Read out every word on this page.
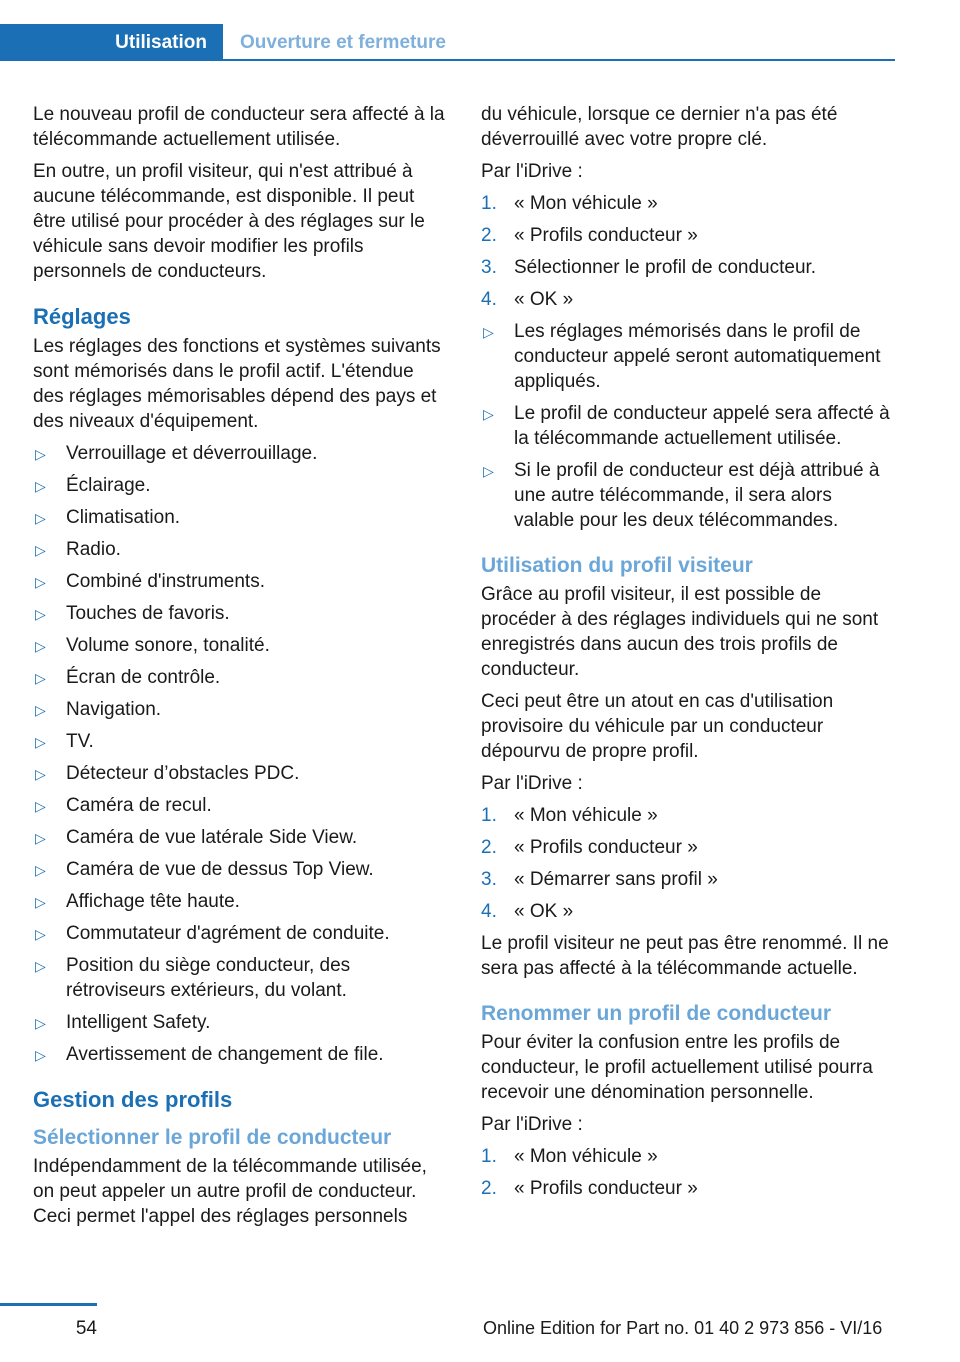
Utilisation	Ouverture et fermeture

Le nouveau profil de conducteur sera affecté à la télécommande actuellement utilisée.

En outre, un profil visiteur, qui n'est attribué à aucune télécommande, est disponible. Il peut être utilisé pour procéder à des réglages sur le véhicule sans devoir modifier les profils personnels de conducteurs.

Réglages

Les réglages des fonctions et systèmes suivants sont mémorisés dans le profil actif. L'étendue des réglages mémorisables dépend des pays et des niveaux d'équipement.

▷ Verrouillage et déverrouillage.
▷ Éclairage.
▷ Climatisation.
▷ Radio.
▷ Combiné d'instruments.
▷ Touches de favoris.
▷ Volume sonore, tonalité.
▷ Écran de contrôle.
▷ Navigation.
▷ TV.
▷ Détecteur d’obstacles PDC.
▷ Caméra de recul.
▷ Caméra de vue latérale Side View.
▷ Caméra de vue de dessus Top View.
▷ Affichage tête haute.
▷ Commutateur d'agrément de conduite.
▷ Position du siège conducteur, des rétroviseurs extérieurs, du volant.
▷ Intelligent Safety.
▷ Avertissement de changement de file.
Gestion des profils
Sélectionner le profil de conducteur

Indépendamment de la télécommande utilisée, on peut appeler un autre profil de conducteur. Ceci permet l'appel des réglages personnels

du véhicule, lorsque ce dernier n'a pas été déverrouillé avec votre propre clé.

Par l'iDrive :

1. « Mon véhicule »
2. « Profils conducteur »
3. Sélectionner le profil de conducteur.
4. « OK »
▷ Les réglages mémorisés dans le profil de conducteur appelé seront automatiquement appliqués.
▷ Le profil de conducteur appelé sera affecté à la télécommande actuellement utilisée.
▷ Si le profil de conducteur est déjà attribué à une autre télécommande, il sera alors valable pour les deux télécommandes.
Utilisation du profil visiteur

Grâce au profil visiteur, il est possible de procéder à des réglages individuels qui ne sont enregistrés dans aucun des trois profils de conducteur.

Ceci peut être un atout en cas d'utilisation provisoire du véhicule par un conducteur dépourvu de propre profil.

Par l'iDrive :

1. « Mon véhicule »
2. « Profils conducteur »
3. « Démarrer sans profil »
4. « OK »

Le profil visiteur ne peut pas être renommé. Il ne sera pas affecté à la télécommande actuelle.

Renommer un profil de conducteur

Pour éviter la confusion entre les profils de conducteur, le profil actuellement utilisé pourra recevoir une dénomination personnelle.

Par l'iDrive :

1. « Mon véhicule »
2. « Profils conducteur »
54	Online Edition for Part no. 01 40 2 973 856 - VI/16
